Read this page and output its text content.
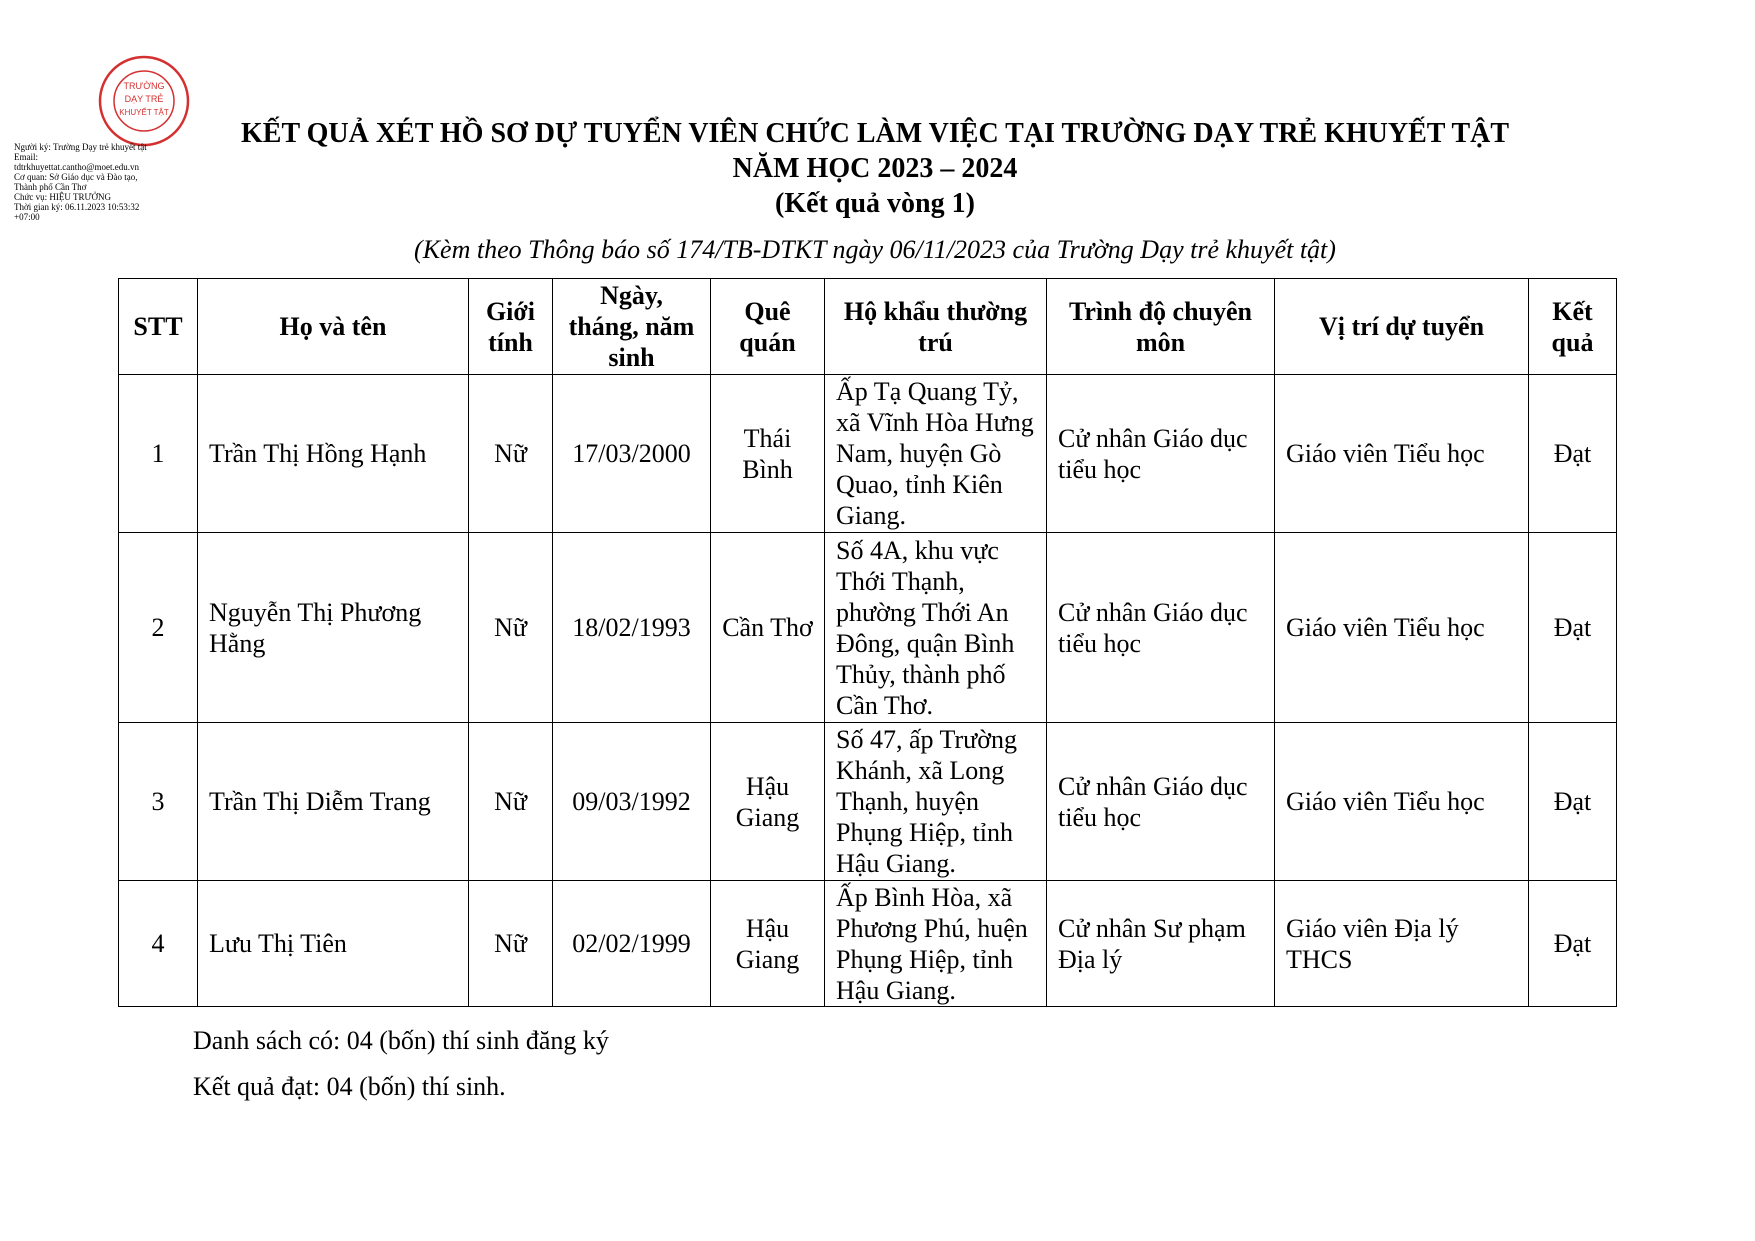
TRƯỜNG
DẠY TRẺ
KHUYẾT TẬT
Người ký: Trường Dạy trẻ khuyết tật
Email:
tdtrkhuyettat.cantho@moet.edu.vn
Cơ quan: Sở Giáo dục và Đào tạo,
Thành phố Cần Thơ
Chức vụ: HIỆU TRƯỞNG
Thời gian ký: 06.11.2023 10:53:32
+07:00
KẾT QUẢ XÉT HỒ SƠ DỰ TUYỂN VIÊN CHỨC LÀM VIỆC TẠI TRƯỜNG DẠY TRẺ KHUYẾT TẬT
NĂM HỌC 2023 – 2024
(Kết quả vòng 1)
(Kèm theo Thông báo số 174/TB-DTKT ngày 06/11/2023 của Trường Dạy trẻ khuyết tật)
STT	Họ và tên	Giới tính	Ngày, tháng, năm sinh	Quê quán	Hộ khẩu thường trú	Trình độ chuyên môn	Vị trí dự tuyển	Kết quả
1	Trần Thị Hồng Hạnh	Nữ	17/03/2000	Thái Bình	Ấp Tạ Quang Tỷ, xã Vĩnh Hòa Hưng Nam, huyện Gò Quao, tỉnh Kiên Giang.	Cử nhân Giáo dục tiểu học	Giáo viên Tiểu học	Đạt
2	Nguyễn Thị Phương Hằng	Nữ	18/02/1993	Cần Thơ	Số 4A, khu vực Thới Thạnh, phường Thới An Đông, quận Bình Thủy, thành phố Cần Thơ.	Cử nhân Giáo dục tiểu học	Giáo viên Tiểu học	Đạt
3	Trần Thị Diễm Trang	Nữ	09/03/1992	Hậu Giang	Số 47, ấp Trường Khánh, xã Long Thạnh, huyện Phụng Hiệp, tỉnh Hậu Giang.	Cử nhân Giáo dục tiểu học	Giáo viên Tiểu học	Đạt
4	Lưu Thị Tiên	Nữ	02/02/1999	Hậu Giang	Ấp Bình Hòa, xã Phương Phú, huện Phụng Hiệp, tỉnh Hậu Giang.	Cử nhân Sư phạm Địa lý	Giáo viên Địa lý THCS	Đạt
Danh sách có: 04 (bốn) thí sinh đăng ký
Kết quả đạt: 04 (bốn) thí sinh.
